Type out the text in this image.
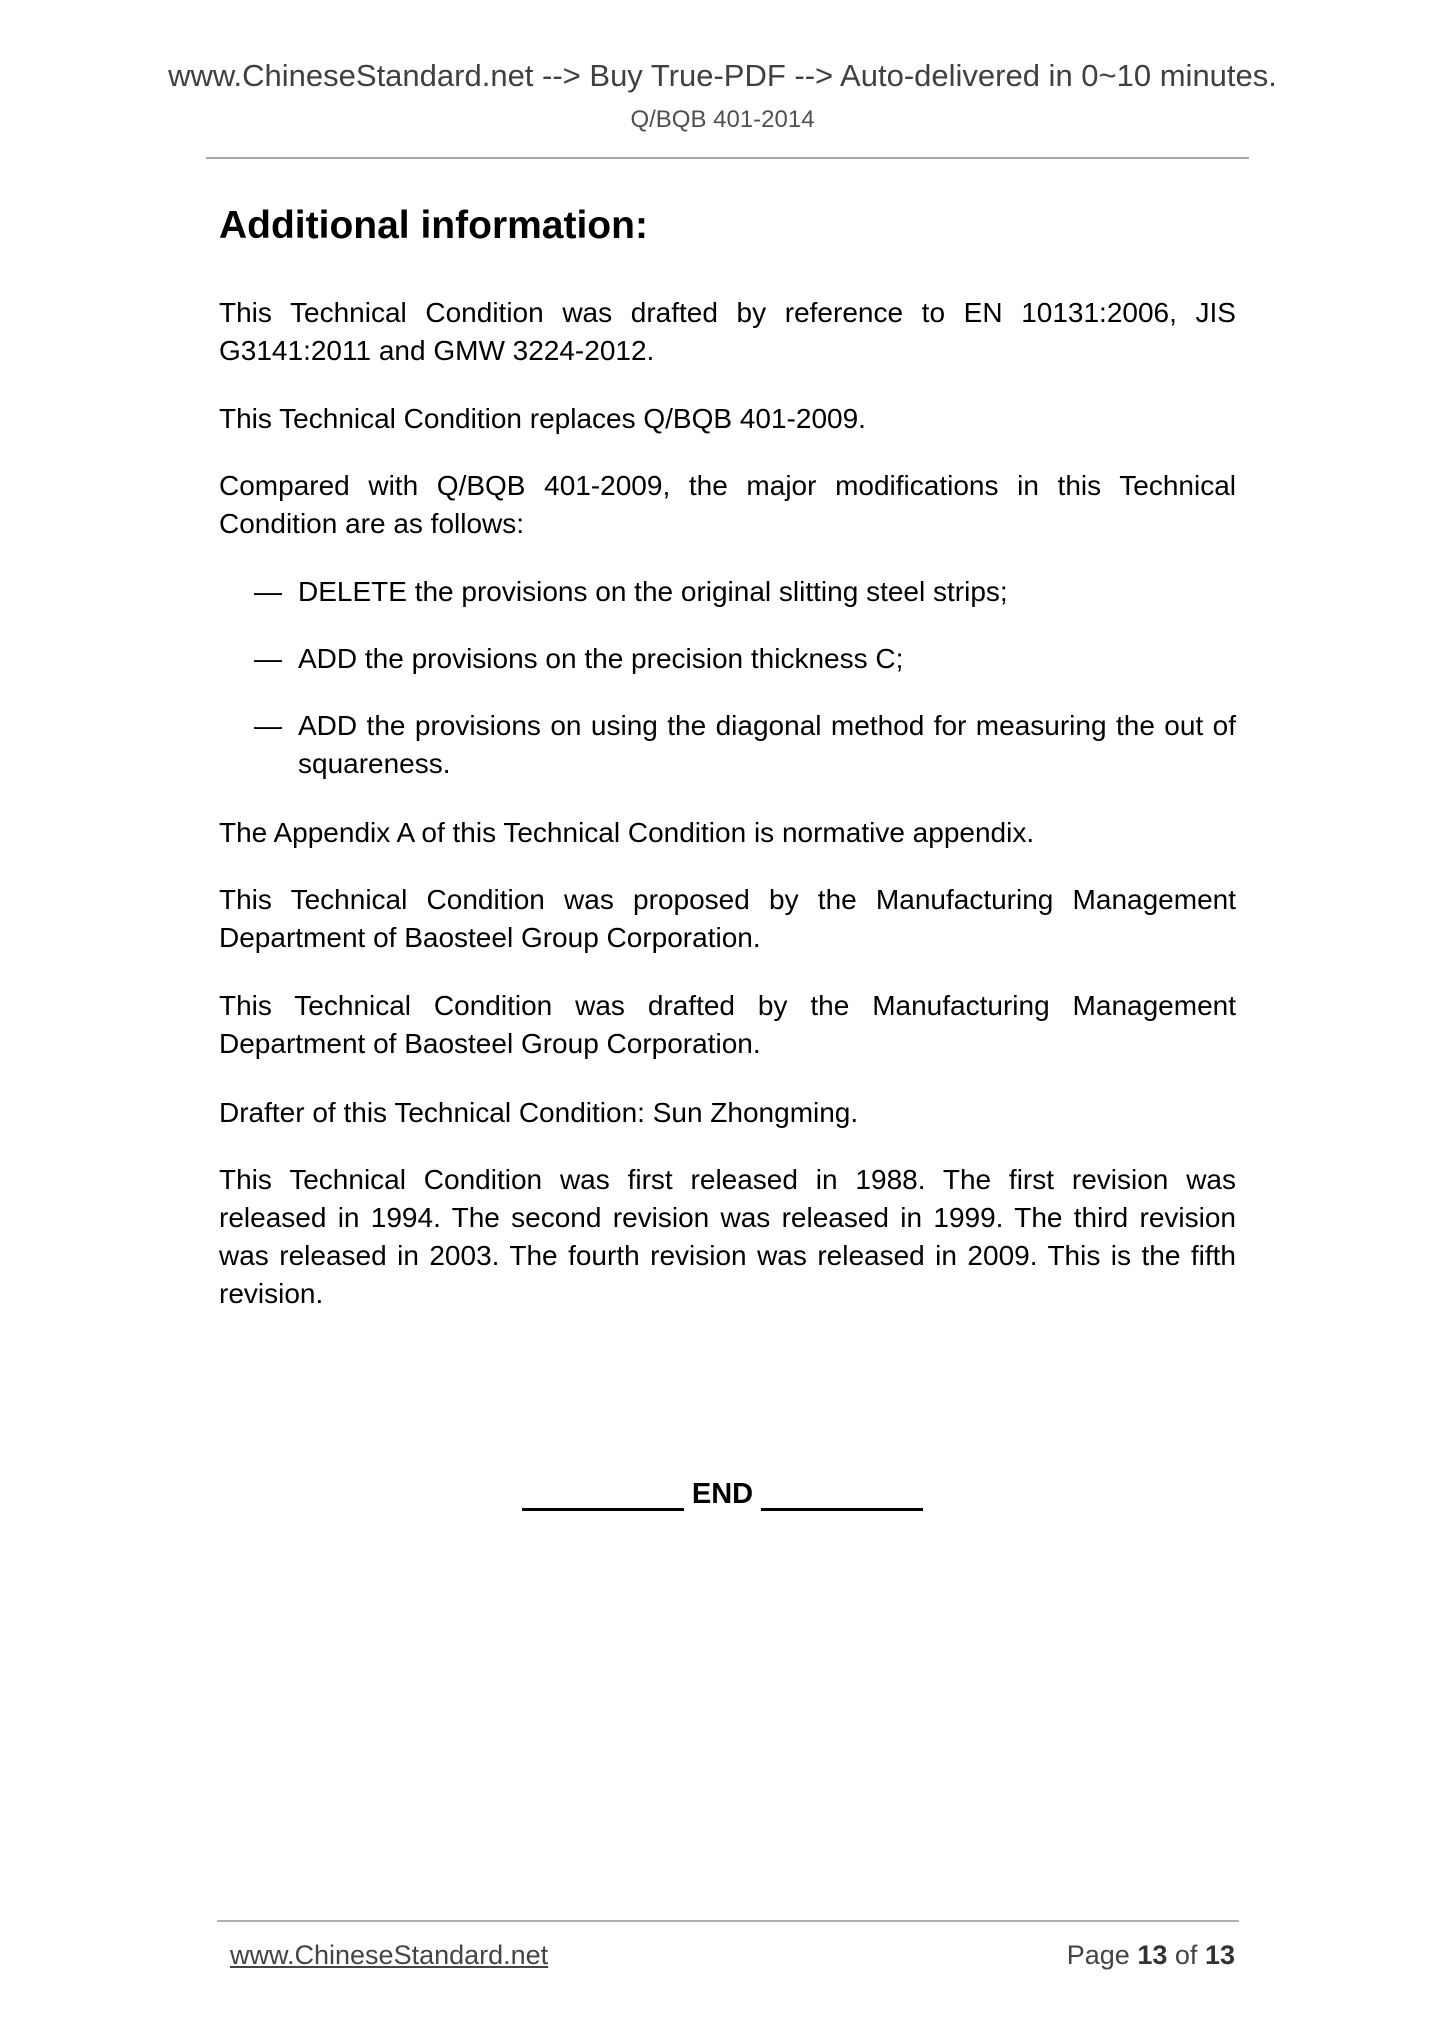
www.ChineseStandard.net --> Buy True-PDF --> Auto-delivered in 0~10 minutes.
Q/BQB 401-2014
Additional information:
This Technical Condition was drafted by reference to EN 10131:2006, JIS G3141:2011 and GMW 3224-2012.
This Technical Condition replaces Q/BQB 401-2009.
Compared with Q/BQB 401-2009, the major modifications in this Technical Condition are as follows:
— DELETE the provisions on the original slitting steel strips;
— ADD the provisions on the precision thickness C;
— ADD the provisions on using the diagonal method for measuring the out of squareness.
The Appendix A of this Technical Condition is normative appendix.
This Technical Condition was proposed by the Manufacturing Management Department of Baosteel Group Corporation.
This Technical Condition was drafted by the Manufacturing Management Department of Baosteel Group Corporation.
Drafter of this Technical Condition: Sun Zhongming.
This Technical Condition was first released in 1988. The first revision was released in 1994. The second revision was released in 1999. The third revision was released in 2003. The fourth revision was released in 2009. This is the fifth revision.
END
www.ChineseStandard.net	Page 13 of 13
